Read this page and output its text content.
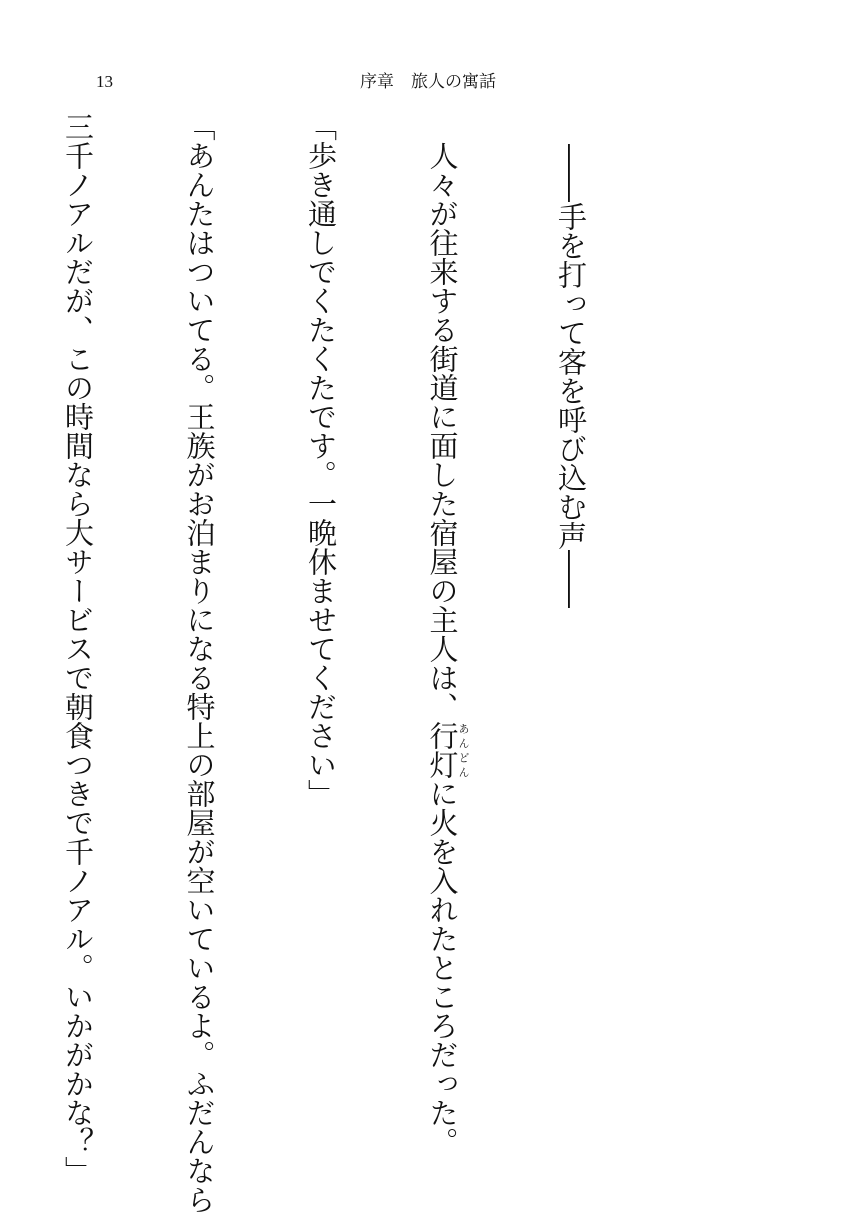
13	序章　旅人の寓話

――手を打って客を呼び込む声――

人々が往来する街道に面した宿屋の主人は、行灯あんどんに火を入れたところだった。

「歩き通しでくたくたです。一晩休ませてください」

「あんたはついてる。王族がお泊まりになる特上の部屋が空いているよ。ふだんなら

三千ノアルだが、この時間なら大サービスで朝食つきで千ノアル。いかがかな？」
